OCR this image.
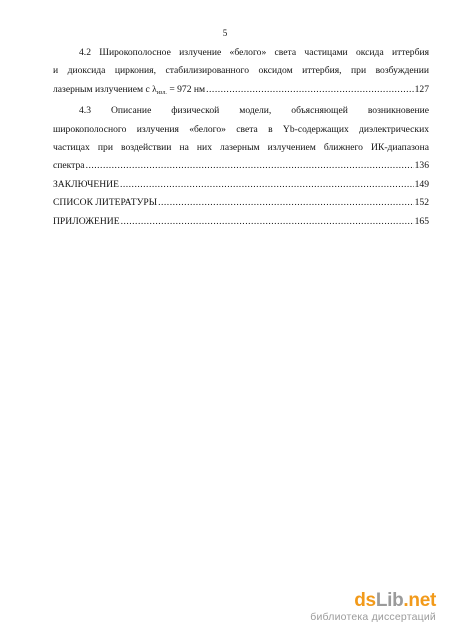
5

4.2 Широкополосное излучение «белого» света частицами оксида иттербия

и диоксида циркония, стабилизированного оксидом иттербия, при возбуждении

лазерным излучением с $\lambda_{изл.} = 972$ нм .....	127

4.3 Описание физической модели, объясняющей возникновение

широкополосного излучения «белого» света в Yb-содержащих диэлектрических

частицах при воздействии на них лазерным излучением ближнего ИК-диапазона

спектра .....	136

ЗАКЛЮЧЕНИЕ .....	149

СПИСОК ЛИТЕРАТУРЫ .....	152

ПРИЛОЖЕНИЕ .....	165

dsLib.net
библиотека диссертаций
